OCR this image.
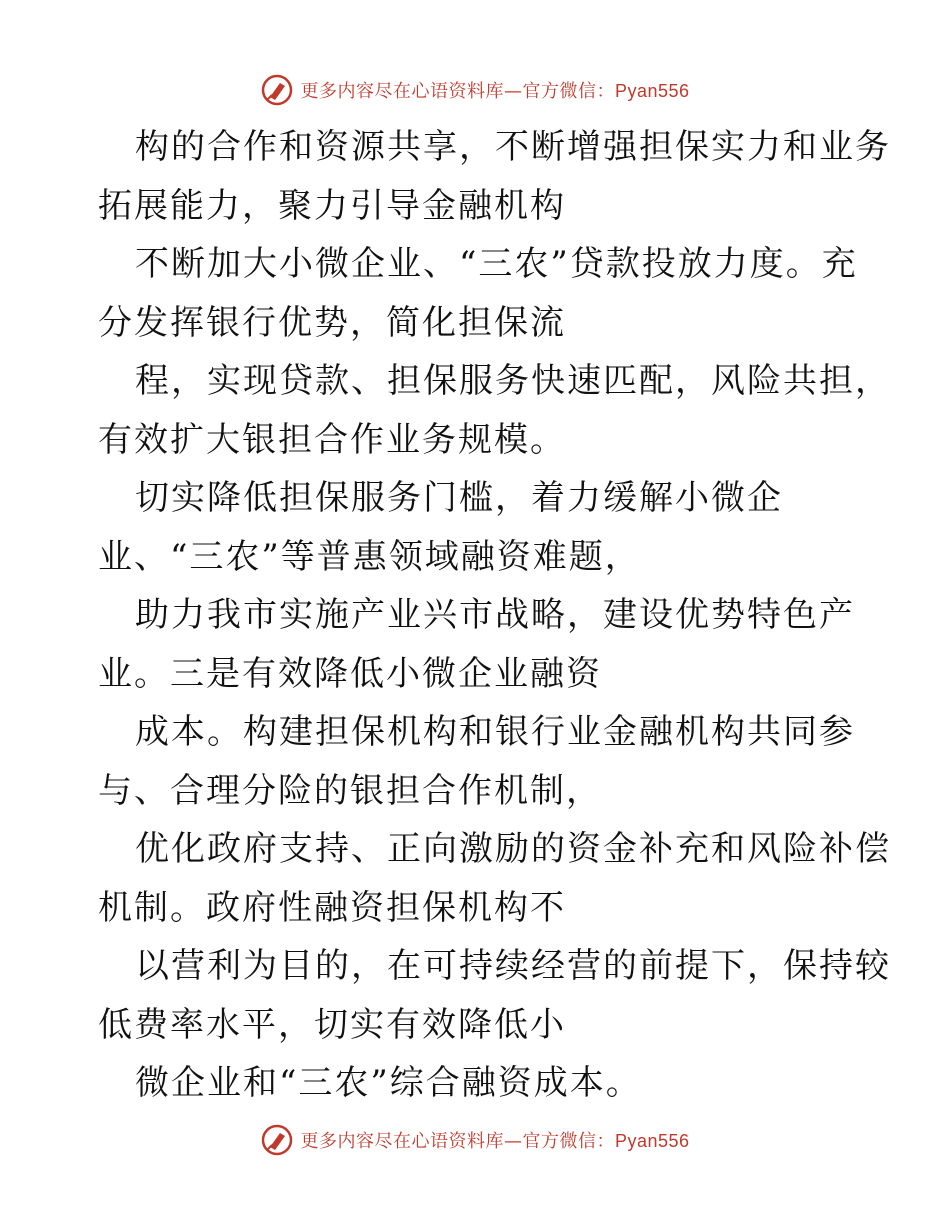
更多内容尽在心语资料库—官方微信：Pyan556
构的合作和资源共享，不断增强担保实力和业务
拓展能力，聚力引导金融机构
不断加大小微企业、“三农”贷款投放力度。充
分发挥银行优势，简化担保流
程，实现贷款、担保服务快速匹配，风险共担，
有效扩大银担合作业务规模。
切实降低担保服务门槛，着力缓解小微企
业、“三农”等普惠领域融资难题，
助力我市实施产业兴市战略，建设优势特色产
业。三是有效降低小微企业融资
成本。构建担保机构和银行业金融机构共同参
与、合理分险的银担合作机制，
优化政府支持、正向激励的资金补充和风险补偿
机制。政府性融资担保机构不
以营利为目的，在可持续经营的前提下，保持较
低费率水平，切实有效降低小
微企业和“三农”综合融资成本。
更多内容尽在心语资料库—官方微信：Pyan556
